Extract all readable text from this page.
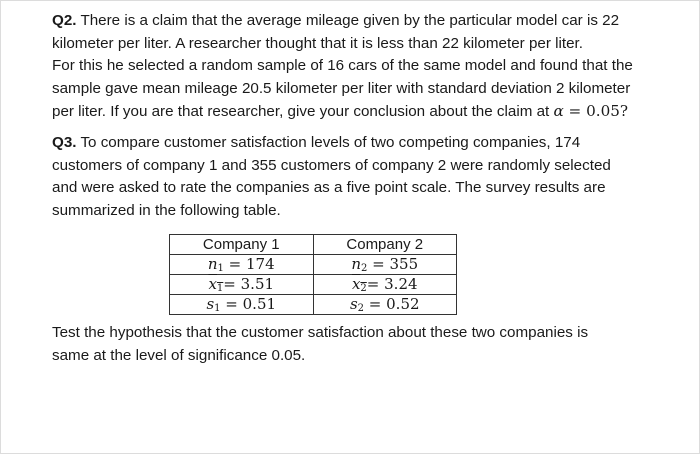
Q2. There is a claim that the average mileage given by the particular model car is 22
kilometer per liter. A researcher thought that it is less than 22 kilometer per liter.
For this he selected a random sample of 16 cars of the same model and found that the
sample gave mean mileage 20.5 kilometer per liter with standard deviation 2 kilometer
per liter. If you are that researcher, give your conclusion about the claim at α = 0.05?

Q3. To compare customer satisfaction levels of two competing companies, 174
customers of company 1 and 355 customers of company 2 were randomly selected
and were asked to rate the companies as a five point scale. The survey results are
summarized in the following table.

Company 1	Company 2
$n_1 = 174$	$n_2 = 355$
$\overline{x}_1= 3.51$	$\overline{x}_2= 3.24$
$s_1 = 0.51$	$s_2 = 0.52$

Test the hypothesis that the customer satisfaction about these two companies is
same at the level of significance 0.05.
